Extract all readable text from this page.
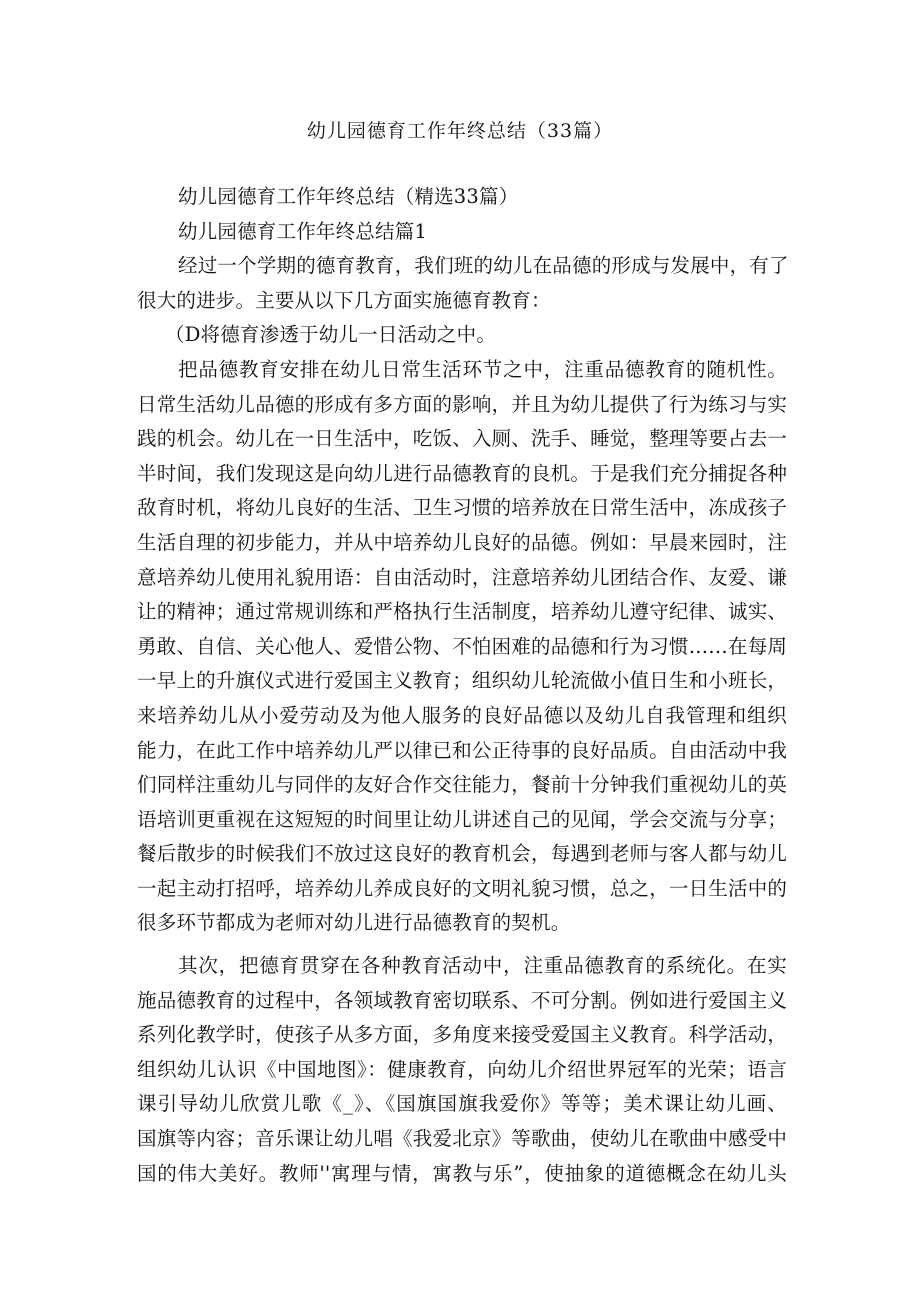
幼儿园德育工作年终总结（33篇）
幼儿园德育工作年终总结（精选33篇）
幼儿园德育工作年终总结篇1
经过一个学期的德育教育，我们班的幼儿在品德的形成与发展中，有了
很大的进步。主要从以下几方面实施德育教育：
（D将德育渗透于幼儿一日活动之中。
把品德教育安排在幼儿日常生活环节之中，注重品德教育的随机性。
日常生活幼儿品德的形成有多方面的影响，并且为幼儿提供了行为练习与实
践的机会。幼儿在一日生活中，吃饭、入厕、洗手、睡觉，整理等要占去一
半时间，我们发现这是向幼儿进行品德教育的良机。于是我们充分捕捉各种
敌育时机，将幼儿良好的生活、卫生习惯的培养放在日常生活中，冻成孩子
生活自理的初步能力，并从中培养幼儿良好的品德。例如：早晨来园时，注
意培养幼儿使用礼貌用语：自由活动时，注意培养幼儿团结合作、友爱、谦
让的精神；通过常规训练和严格执行生活制度，培养幼儿遵守纪律、诚实、
勇敢、自信、关心他人、爱惜公物、不怕困难的品德和行为习惯……在每周
一早上的升旗仪式进行爱国主义教育；组织幼儿轮流做小值日生和小班长，
来培养幼儿从小爱劳动及为他人服务的良好品德以及幼儿自我管理和组织
能力，在此工作中培养幼儿严以律已和公正待事的良好品质。自由活动中我
们同样注重幼儿与同伴的友好合作交往能力，餐前十分钟我们重视幼儿的英
语培训更重视在这短短的时间里让幼儿讲述自己的见闻，学会交流与分享；
餐后散步的时候我们不放过这良好的教育机会，每遇到老师与客人都与幼儿
一起主动打招呼，培养幼儿养成良好的文明礼貌习惯，总之，一日生活中的
很多环节都成为老师对幼儿进行品德教育的契机。
其次，把德育贯穿在各种教育活动中，注重品德教育的系统化。在实
施品德教育的过程中，各领域教育密切联系、不可分割。例如进行爱国主义
系列化教学时，使孩子从多方面，多角度来接受爱国主义教育。科学活动，
组织幼儿认识《中国地图》：健康教育，向幼儿介绍世界冠军的光荣；语言
课引导幼儿欣赏儿歌《_》、《国旗国旗我爱你》等等；美术课让幼儿画、
国旗等内容；音乐课让幼儿唱《我爱北京》等歌曲，使幼儿在歌曲中感受中
国的伟大美好。教师''寓理与情，寓教与乐”，使抽象的道德概念在幼儿头
